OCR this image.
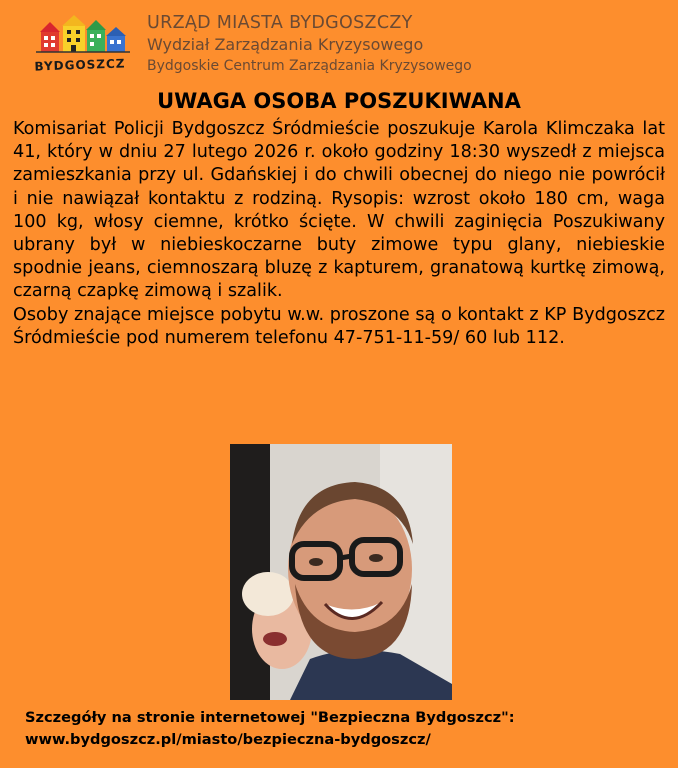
BYDGOSZCZ
URZĄD MIASTA BYDGOSZCZY
Wydział Zarządzania Kryzysowego
Bydgoskie Centrum Zarządzania Kryzysowego
UWAGA OSOBA POSZUKIWANA

Komisariat Policji Bydgoszcz Śródmieście poszukuje Karola Klimczaka lat 41, który w dniu 27 lutego 2026 r. około godziny 18:30 wyszedł z miejsca zamieszkania przy ul. Gdańskiej i do chwili obecnej do niego nie powrócił i nie nawiązał kontaktu z rodziną. Rysopis: wzrost około 180 cm, waga 100 kg, włosy ciemne, krótko ścięte. W chwili zaginięcia Poszukiwany ubrany był w niebieskoczarne buty zimowe typu glany, niebieskie spodnie jeans, ciemnoszarą bluzę z kapturem, granatową kurtkę zimową, czarną czapkę zimową i szalik.

Osoby znające miejsce pobytu w.w. proszone są o kontakt z KP Bydgoszcz Śródmieście pod numerem telefonu 47-751-11-59/ 60 lub 112.

Szczegóły na stronie internetowej "Bezpieczna Bydgoszcz":
www.bydgoszcz.pl/miasto/bezpieczna-bydgoszcz/
